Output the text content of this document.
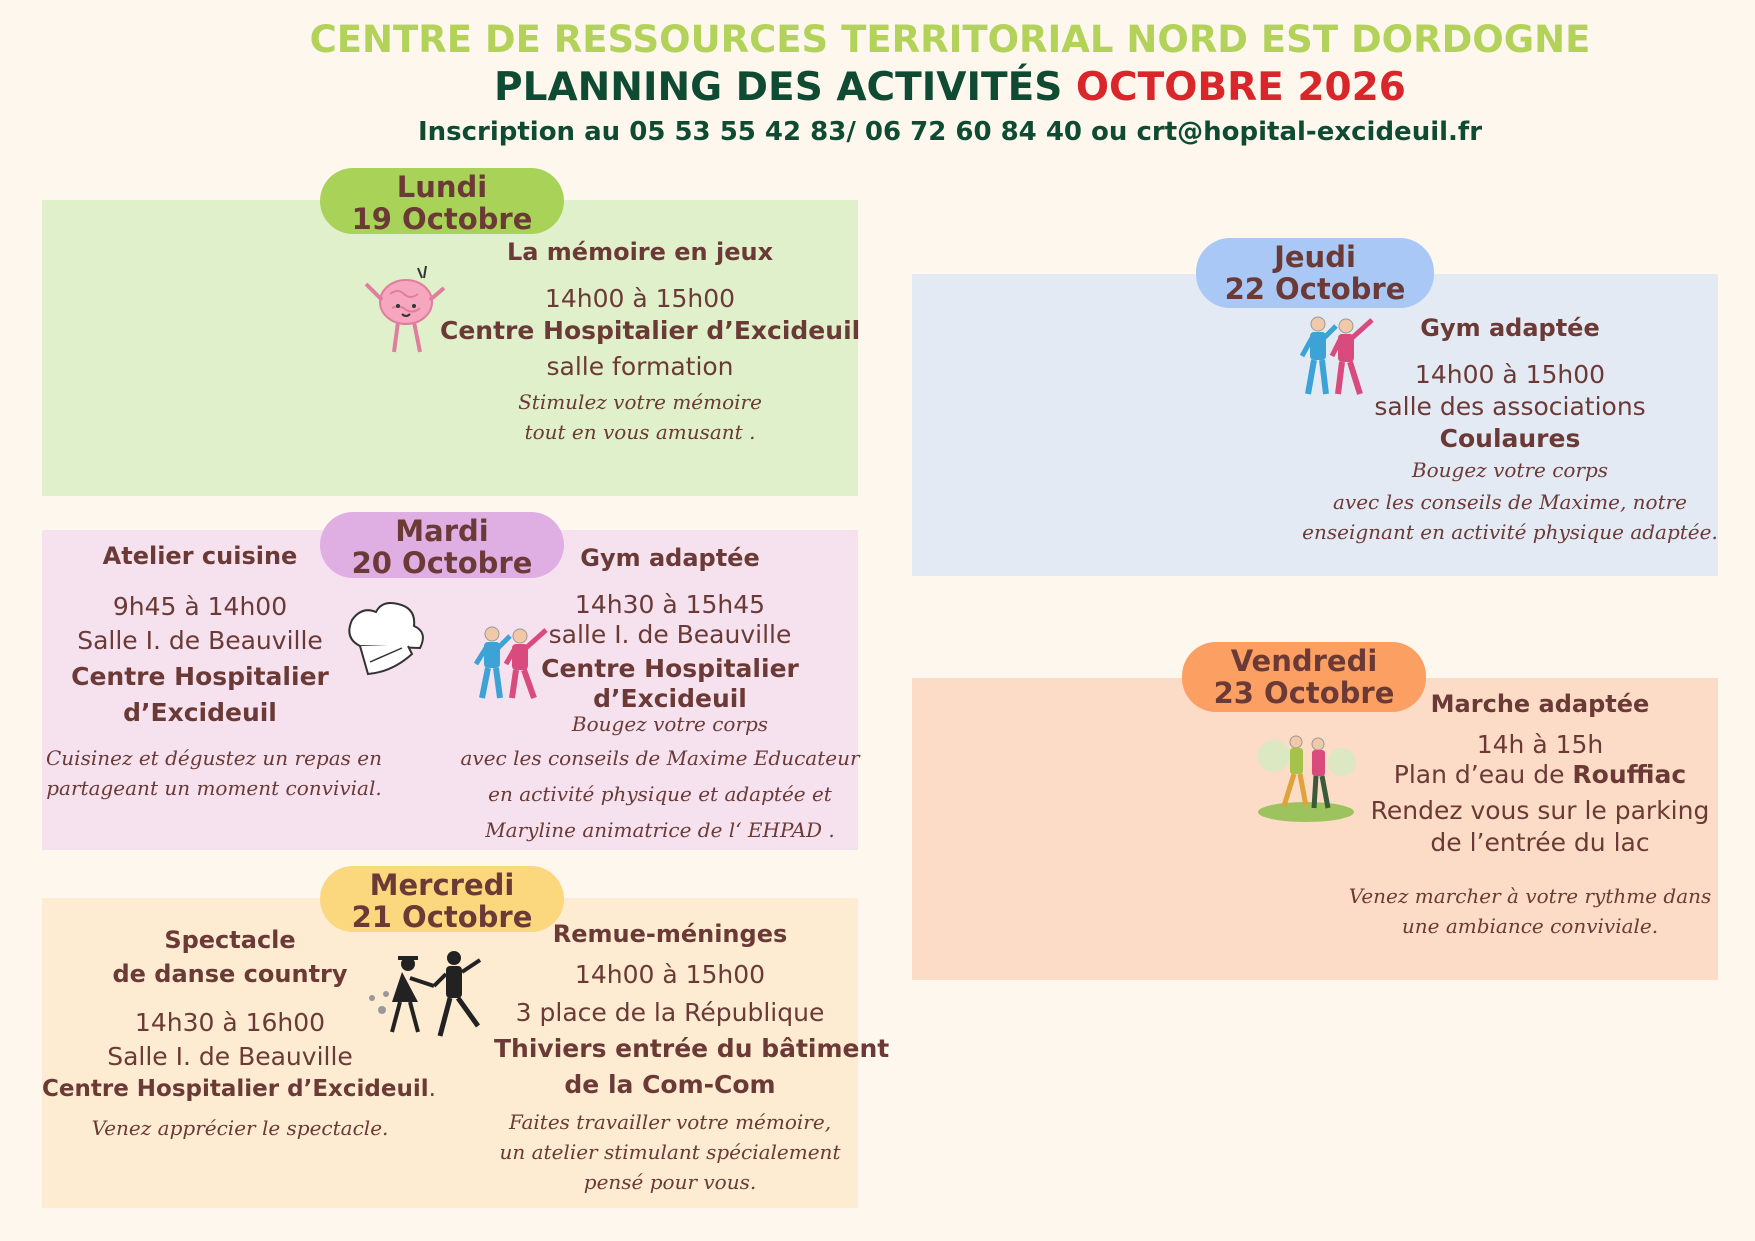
CENTRE DE RESSOURCES TERRITORIAL NORD EST DORDOGNE
PLANNING DES ACTIVITÉS OCTOBRE 2026
Inscription au 05 53 55 42 83/ 06 72 60 84 40 ou crt@hopital-excideuil.fr
Lundi
19 Octobre
Mardi
20 Octobre
Mercredi
21 Octobre
Jeudi
22 Octobre
Vendredi
23 Octobre
La mémoire en jeux
14h00 à 15h00
Centre Hospitalier d’Excideuil
salle formation
Stimulez votre mémoire
tout en vous amusant .
Atelier cuisine
9h45 à 14h00
Salle I. de Beauville
Centre Hospitalier
d’Excideuil
Cuisinez et dégustez un repas en
partageant un moment convivial.
Gym adaptée
14h30 à 15h45
salle I. de Beauville
Centre Hospitalier
d’Excideuil
Bougez votre corps
avec les conseils de Maxime Educateur
en activité physique et adaptée et
Maryline animatrice de l‘ EHPAD .
Spectacle
de danse country
14h30 à 16h00
Salle I. de Beauville
Centre Hospitalier d’Excideuil.
Venez apprécier le spectacle.
Remue-méninges
14h00 à 15h00
3 place de la République
Thiviers entrée du bâtiment
de la Com-Com
Faites travailler votre mémoire,
un atelier stimulant spécialement
pensé pour vous.
Gym adaptée
14h00 à 15h00
salle des associations
Coulaures
Bougez votre corps
avec les conseils de Maxime, notre
enseignant en activité physique adaptée.
Marche adaptée
14h à 15h
Plan d’eau de Rouffiac
Rendez vous sur le parking
de l’entrée du lac
Venez marcher à votre rythme dans
une ambiance conviviale.
